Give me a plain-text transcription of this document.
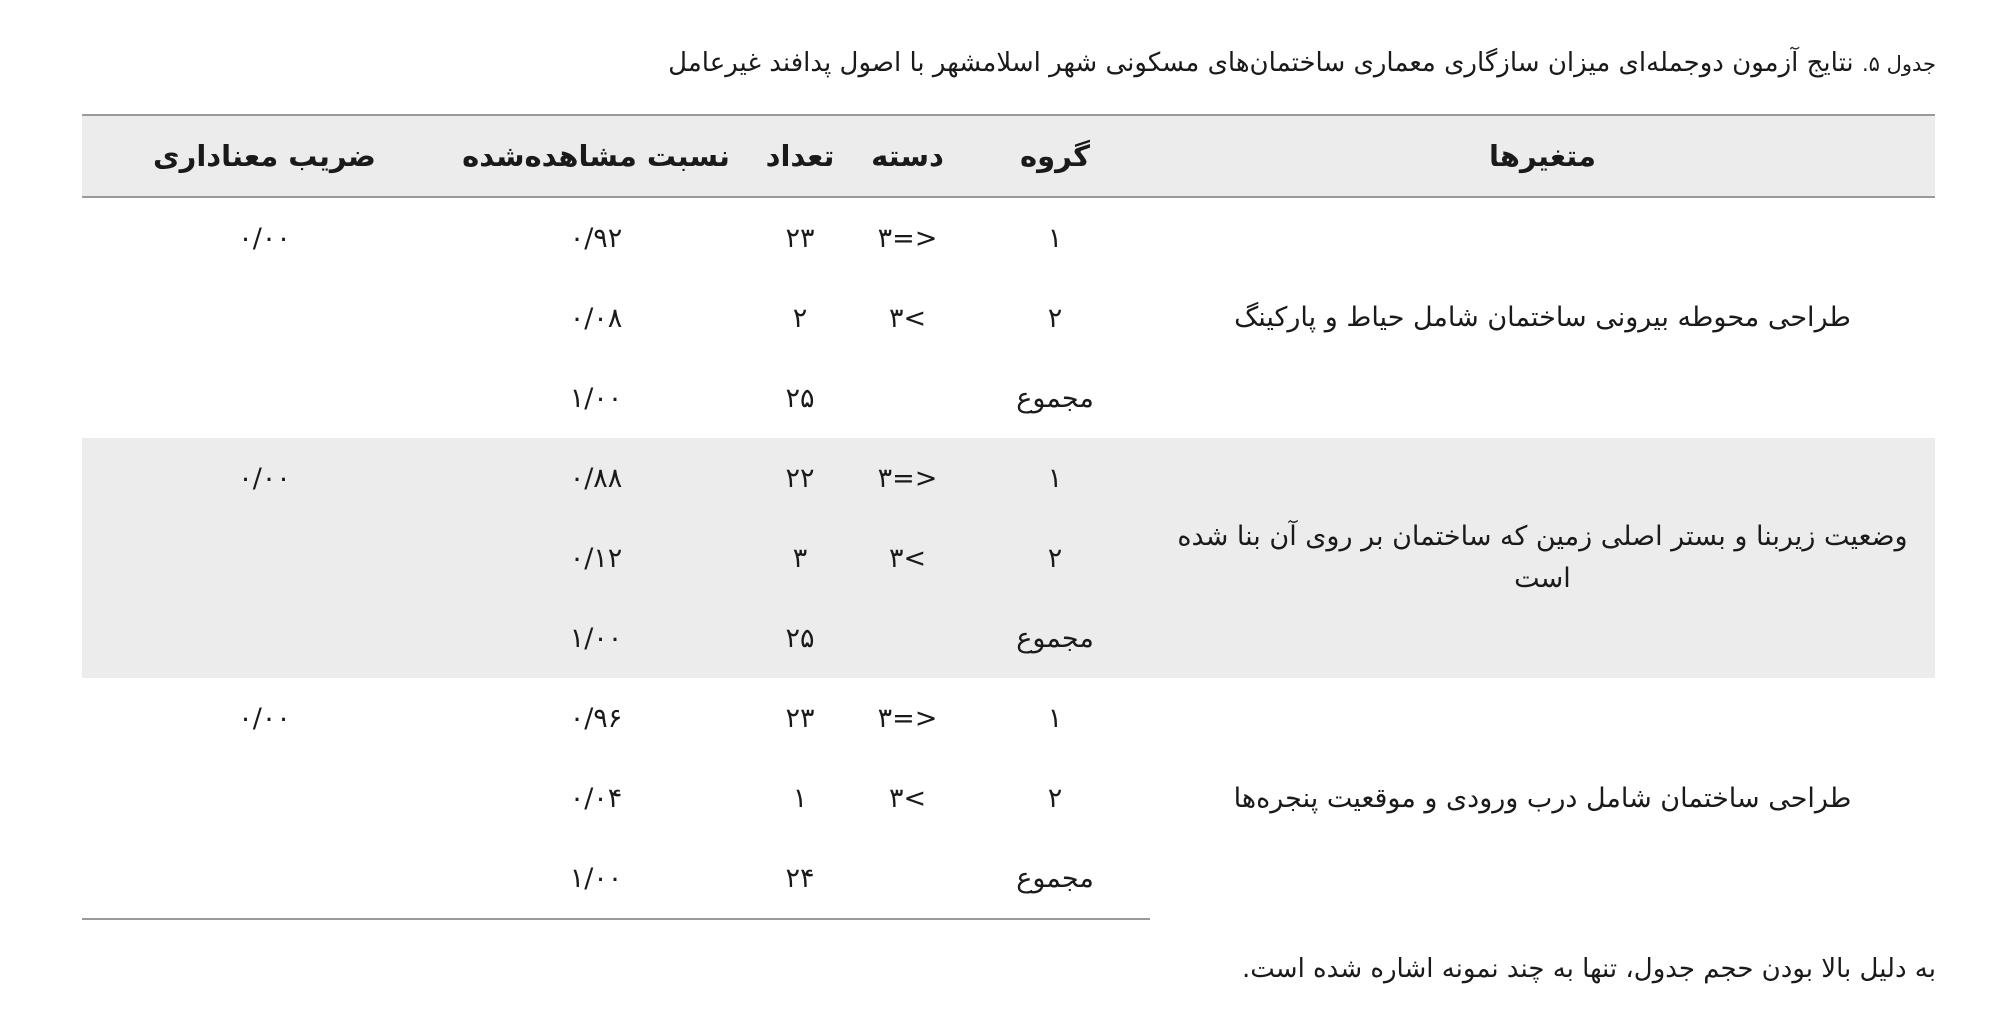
جدول ۵. نتایج آزمون دوجمله‌ای میزان سازگاری معماری ساختمان‌های مسکونی شهر اسلامشهر با اصول پدافند غیرعامل
متغیرها	گروه	دسته	تعداد	نسبت مشاهده‌شده	ضریب معناداری
طراحی محوطه بیرونی ساختمان شامل حیاط و پارکینگ	۱	۳=>	۲۳	۰/۹۲	۰/۰۰
	۲	۳<	۲	۰/۰۸	
	مجموع		۲۵	۱/۰۰	
وضعیت زیربنا و بستر اصلی زمین که ساختمان بر روی آن بنا شده است	۱	۳=>	۲۲	۰/۸۸	۰/۰۰
	۲	۳<	۳	۰/۱۲	
	مجموع		۲۵	۱/۰۰	
طراحی ساختمان شامل درب ورودی و موقعیت پنجره‌ها	۱	۳=>	۲۳	۰/۹۶	۰/۰۰
	۲	۳<	۱	۰/۰۴	
	مجموع		۲۴	۱/۰۰	
به دلیل بالا بودن حجم جدول، تنها به چند نمونه اشاره شده است.
